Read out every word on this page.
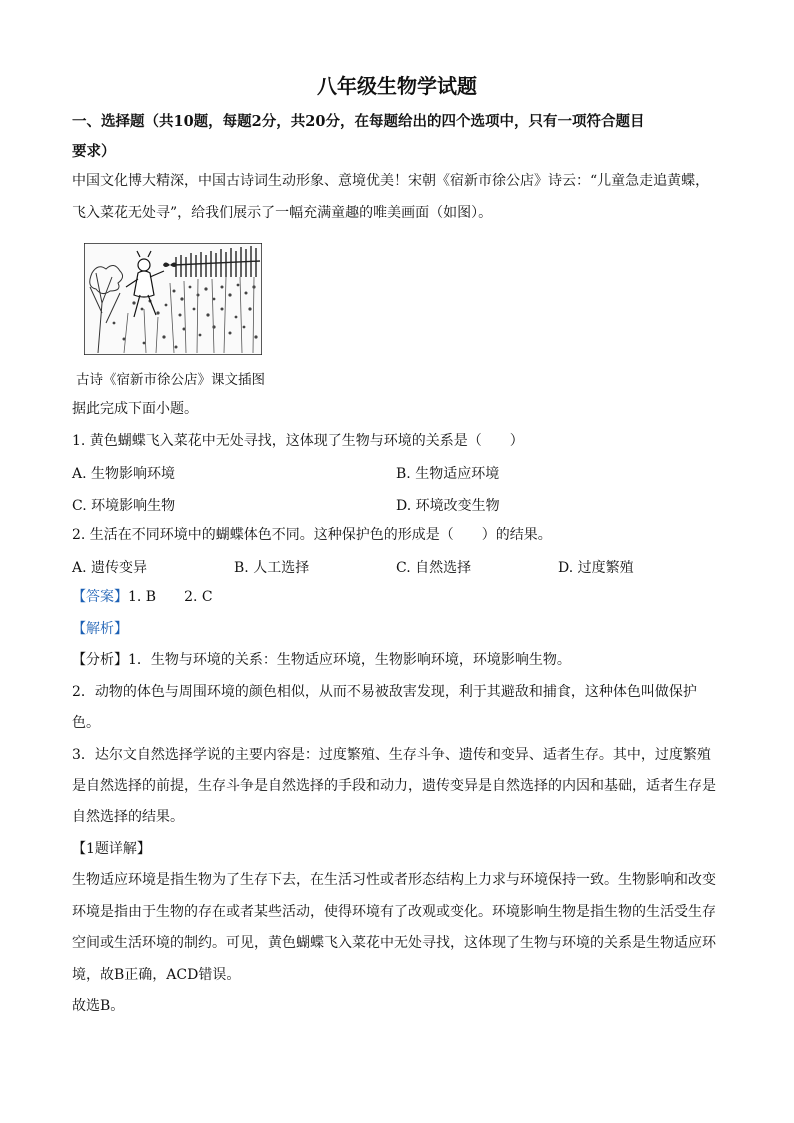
八年级生物学试题
一、选择题（共10题，每题2分，共20分，在每题给出的四个选项中，只有一项符合题目
要求）
中国文化博大精深，中国古诗词生动形象、意境优美！宋朝《宿新市徐公店》诗云：“儿童急走追黄蝶，
飞入菜花无处寻”，给我们展示了一幅充满童趣的唯美画面（如图）。
古诗《宿新市徐公店》课文插图
据此完成下面小题。
1. 黄色蝴蝶飞入菜花中无处寻找，这体现了生物与环境的关系是（　　）
A. 生物影响环境	B. 生物适应环境
C. 环境影响生物	D. 环境改变生物
2. 生活在不同环境中的蝴蝶体色不同。这种保护色的形成是（　　）的结果。
A. 遗传变异	B. 人工选择	C. 自然选择	D. 过度繁殖
【答案】1. B　　2. C
【解析】
【分析】1．生物与环境的关系：生物适应环境，生物影响环境，环境影响生物。
2．动物的体色与周围环境的颜色相似，从而不易被敌害发现，利于其避敌和捕食，这种体色叫做保护
色。
3．达尔文自然选择学说的主要内容是：过度繁殖、生存斗争、遗传和变异、适者生存。其中，过度繁殖
是自然选择的前提，生存斗争是自然选择的手段和动力，遗传变异是自然选择的内因和基础，适者生存是
自然选择的结果。
【1题详解】
生物适应环境是指生物为了生存下去，在生活习性或者形态结构上力求与环境保持一致。生物影响和改变
环境是指由于生物的存在或者某些活动，使得环境有了改观或变化。环境影响生物是指生物的生活受生存
空间或生活环境的制约。可见，黄色蝴蝶飞入菜花中无处寻找，这体现了生物与环境的关系是生物适应环
境，故B正确，ACD错误。
故选B。
